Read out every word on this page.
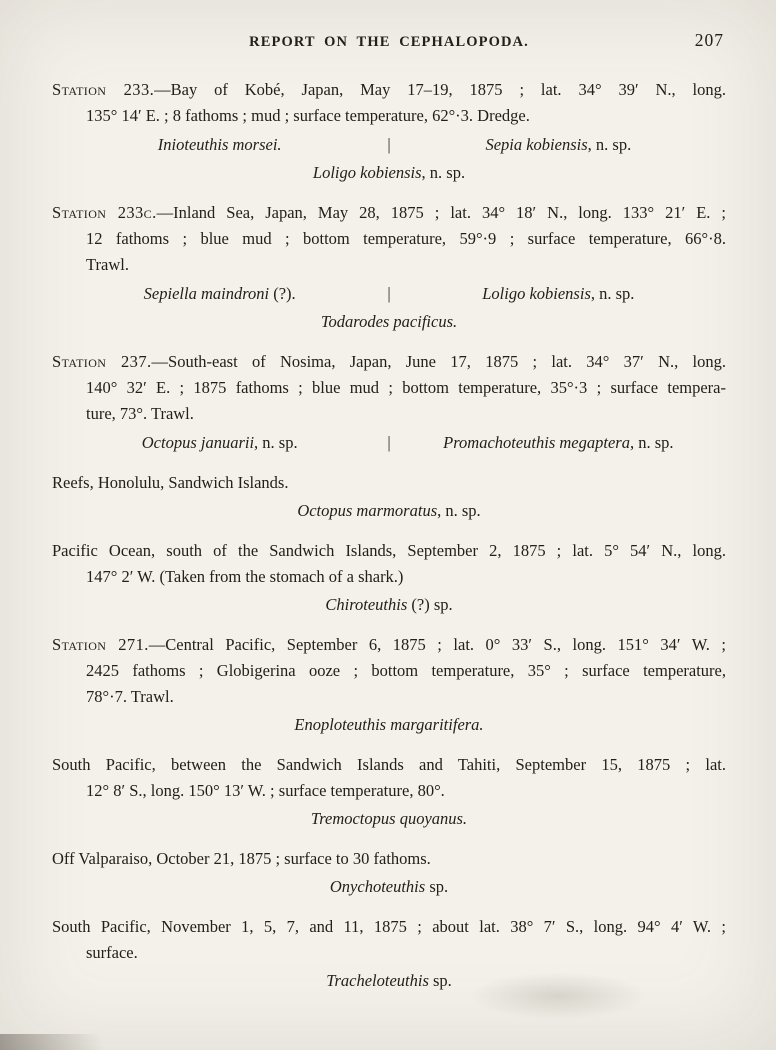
REPORT ON THE CEPHALOPODA.	207
Station 233.—Bay of Kobé, Japan, May 17–19, 1875 ; lat. 34° 39′ N., long.
135° 14′ E. ; 8 fathoms ; mud ; surface temperature, 62°·3. Dredge.
Inioteuthis morsei.	|	Sepia kobiensis, n. sp.
Loligo kobiensis, n. sp.
Station 233c.—Inland Sea, Japan, May 28, 1875 ; lat. 34° 18′ N., long. 133° 21′ E. ;
12 fathoms ; blue mud ; bottom temperature, 59°·9 ; surface temperature, 66°·8.
Trawl.
Sepiella maindroni (?).	|	Loligo kobiensis, n. sp.
Todarodes pacificus.
Station 237.—South-east of Nosima, Japan, June 17, 1875 ; lat. 34° 37′ N., long.
140° 32′ E. ; 1875 fathoms ; blue mud ; bottom temperature, 35°·3 ; surface tempera-
ture, 73°. Trawl.
Octopus januarii, n. sp.	|	Promachoteuthis megaptera, n. sp.
Reefs, Honolulu, Sandwich Islands.
Octopus marmoratus, n. sp.
Pacific Ocean, south of the Sandwich Islands, September 2, 1875 ; lat. 5° 54′ N., long.
147° 2′ W. (Taken from the stomach of a shark.)
Chiroteuthis (?) sp.
Station 271.—Central Pacific, September 6, 1875 ; lat. 0° 33′ S., long. 151° 34′ W. ;
2425 fathoms ; Globigerina ooze ; bottom temperature, 35° ; surface temperature,
78°·7. Trawl.
Enoploteuthis margaritifera.
South Pacific, between the Sandwich Islands and Tahiti, September 15, 1875 ; lat.
12° 8′ S., long. 150° 13′ W. ; surface temperature, 80°.
Tremoctopus quoyanus.
Off Valparaiso, October 21, 1875 ; surface to 30 fathoms.
Onychoteuthis sp.
South Pacific, November 1, 5, 7, and 11, 1875 ; about lat. 38° 7′ S., long. 94° 4′ W. ;
surface.
Tracheloteuthis sp.
